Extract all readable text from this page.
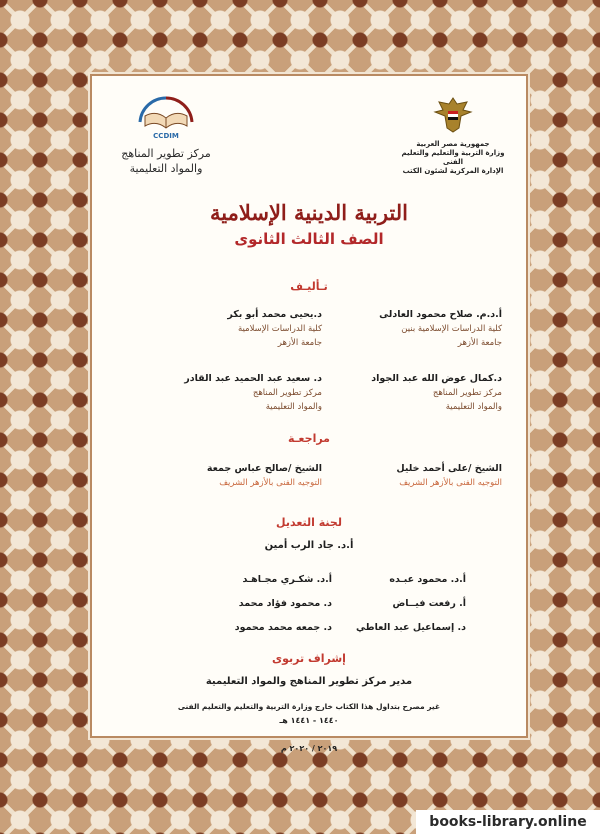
جمهورية مصر العربية
وزارة التربية والتعليم والتعليم الفنى
الإدارة المركزية لشئون الكتب
CCDIM
مركز تطوير المناهج
والمواد التعليمية
التربية الدينية الإسلامية
الصف الثالث الثانوى
تـأليـف
أ.د.م. صلاح محمود العادلى
كلية الدراسات الإسلامية بنين
جامعة الأزهر
د.يحيى محمد أبو بكر
كلية الدراسات الإسلامية
جامعة الأزهر
د.كمال عوض الله عبد الجواد
مركز تطوير المناهج
والمواد التعليمية
د. سعيد عبد الحميد عبد القادر
مركز تطوير المناهج
والمواد التعليمية
مراجعـة
الشيخ /على أحمد خليل
التوجيه الفنى بالأزهر الشريف
الشيخ /صالح عباس جمعة
التوجيه الفنى بالأزهر الشريف
لجنة التعديل
أ.د. جاد الرب أمين
أ.د. محمود عبـده
أ.د. شكـري مجـاهـد
أ. رفعت فيــاض
د. محمود فؤاد محمد
د. إسماعيل عبد العاطي
د. جمعه محمد محمود
إشراف تربوى
مدير مركز تطوير المناهج والمواد التعليمية
غير مصرح بتداول هذا الكتاب خارج وزارة التربية والتعليم والتعليم الفنى
١٤٤٠ - ١٤٤١ هـ
٢٠١٩ / ٢٠٢٠ م
books-library.online
